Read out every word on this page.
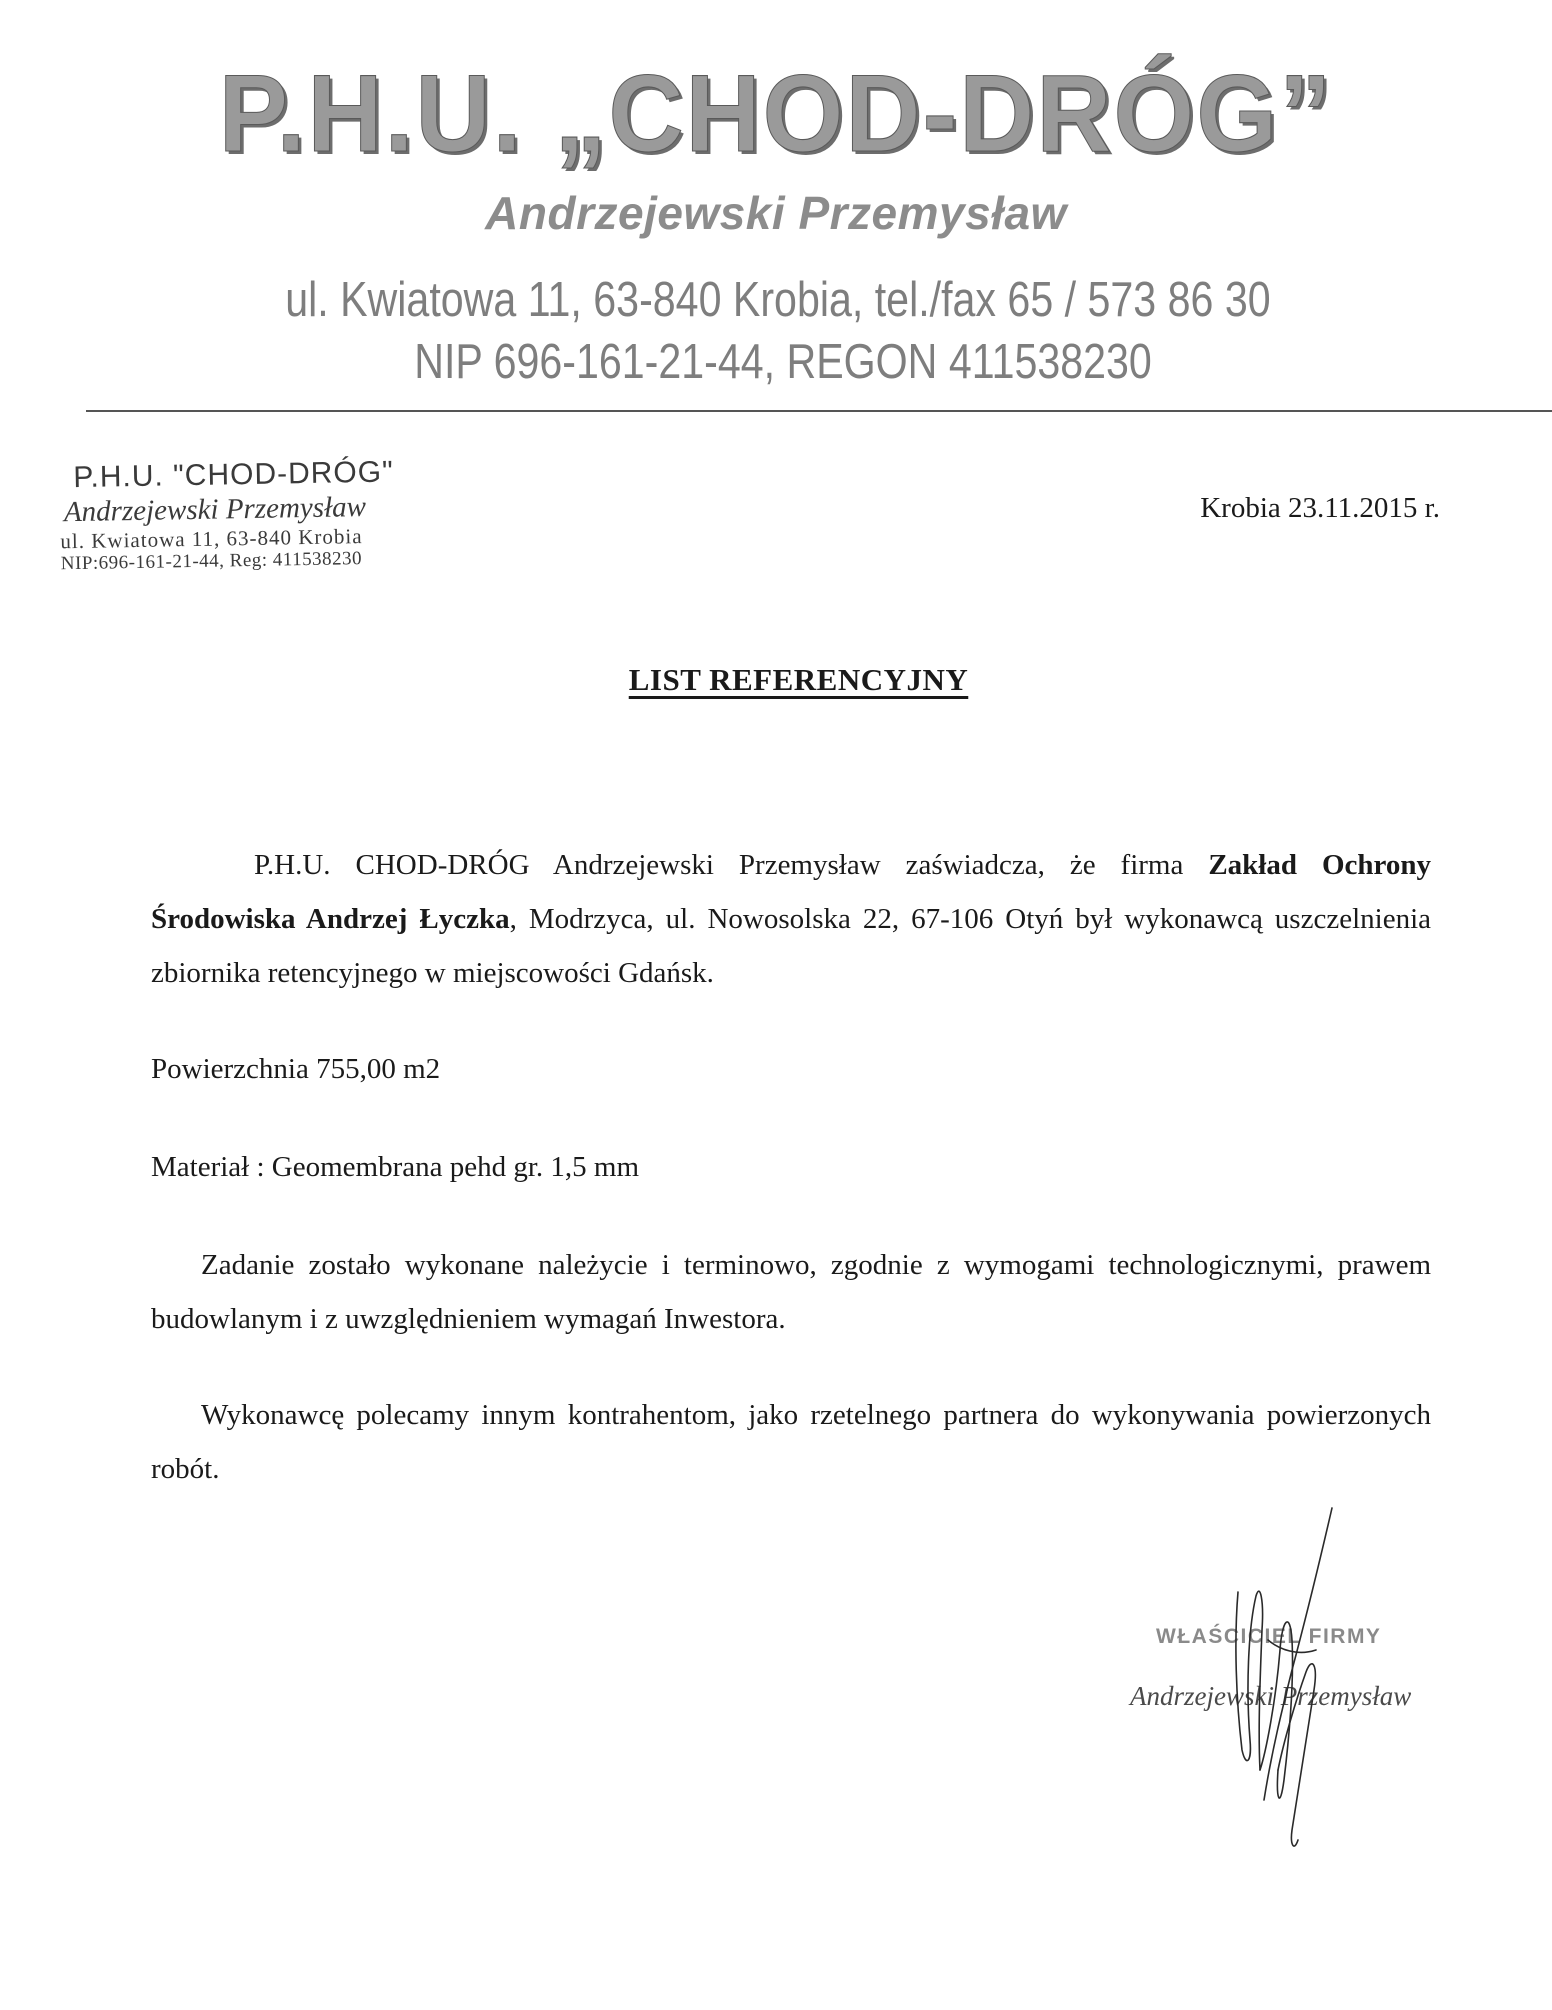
P.H.U. „CHOD-DRÓG”
Andrzejewski Przemysław
ul. Kwiatowa 11, 63-840 Krobia, tel./fax 65 / 573 86 30
NIP 696-161-21-44, REGON 411538230
P.H.U. "CHOD-DRÓG"
Andrzejewski Przemysław
ul. Kwiatowa 11, 63-840 Krobia
NIP:696-161-21-44, Reg: 411538230
Krobia 23.11.2015 r.
LIST REFERENCYJNY

P.H.U. CHOD-DRÓG Andrzejewski Przemysław zaświadcza, że firma Zakład Ochrony Środowiska Andrzej Łyczka, Modrzyca, ul. Nowosolska 22, 67-106 Otyń był wykonawcą uszczelnienia zbiornika retencyjnego w miejscowości Gdańsk.

Powierzchnia 755,00 m2

Materiał : Geomembrana pehd gr. 1,5 mm

Zadanie zostało wykonane należycie i terminowo, zgodnie z wymogami technologicznymi, prawem budowlanym i z uwzględnieniem wymagań Inwestora.

Wykonawcę polecamy innym kontrahentom, jako rzetelnego partnera do wykonywania powierzonych robót.

WŁAŚCICIEL FIRMY
Andrzejewski Przemysław
